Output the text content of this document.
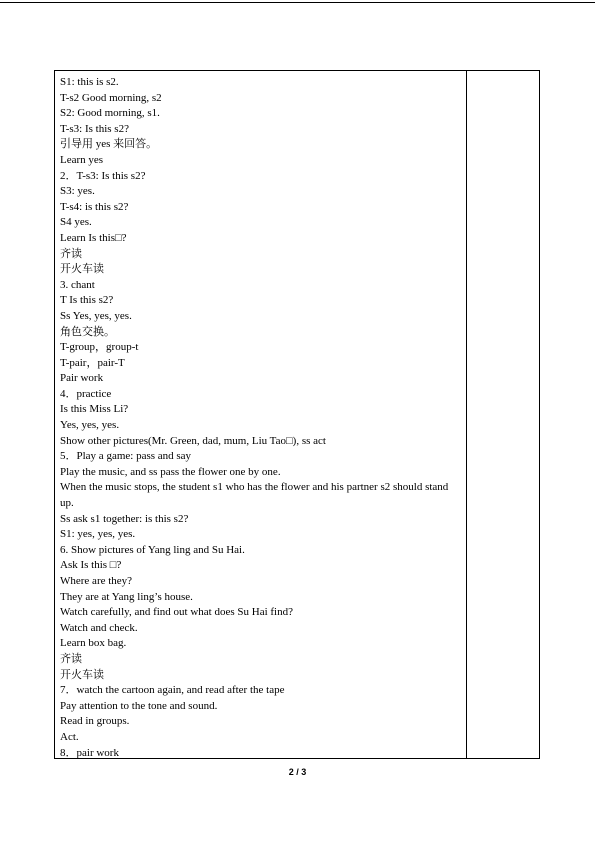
S1: this is s2.
T-s2 Good morning, s2
S2: Good morning, s1.
T-s3: Is this s2?
引导用 yes 来回答。
Learn yes
2．T-s3: Is this s2?
S3: yes.
T-s4: is this s2?
S4 yes.
Learn Is this□?
齐读
开火车读
3. chant
T Is this s2?
Ss Yes, yes, yes.
角色交换。
T-group，group-t
T-pair，pair-T
Pair work
4．practice
Is this Miss Li?
Yes, yes, yes.
Show other pictures(Mr. Green, dad, mum, Liu Tao□), ss act
5．Play a game: pass and say
Play the music, and ss pass the flower one by one.
When the music stops, the student s1 who has the flower and his partner s2 should stand up.
Ss ask s1 together: is this s2?
S1: yes, yes, yes.
6. Show pictures of Yang ling and Su Hai.
Ask Is this □?
Where are they?
They are at Yang ling’s house.
Watch carefully, and find out what does Su Hai find?
Watch and check.
Learn box bag.
齐读
开火车读
7．watch the cartoon again, and read after the tape
Pay attention to the tone and sound.
Read in groups.
Act.
8．pair work
2 / 3
